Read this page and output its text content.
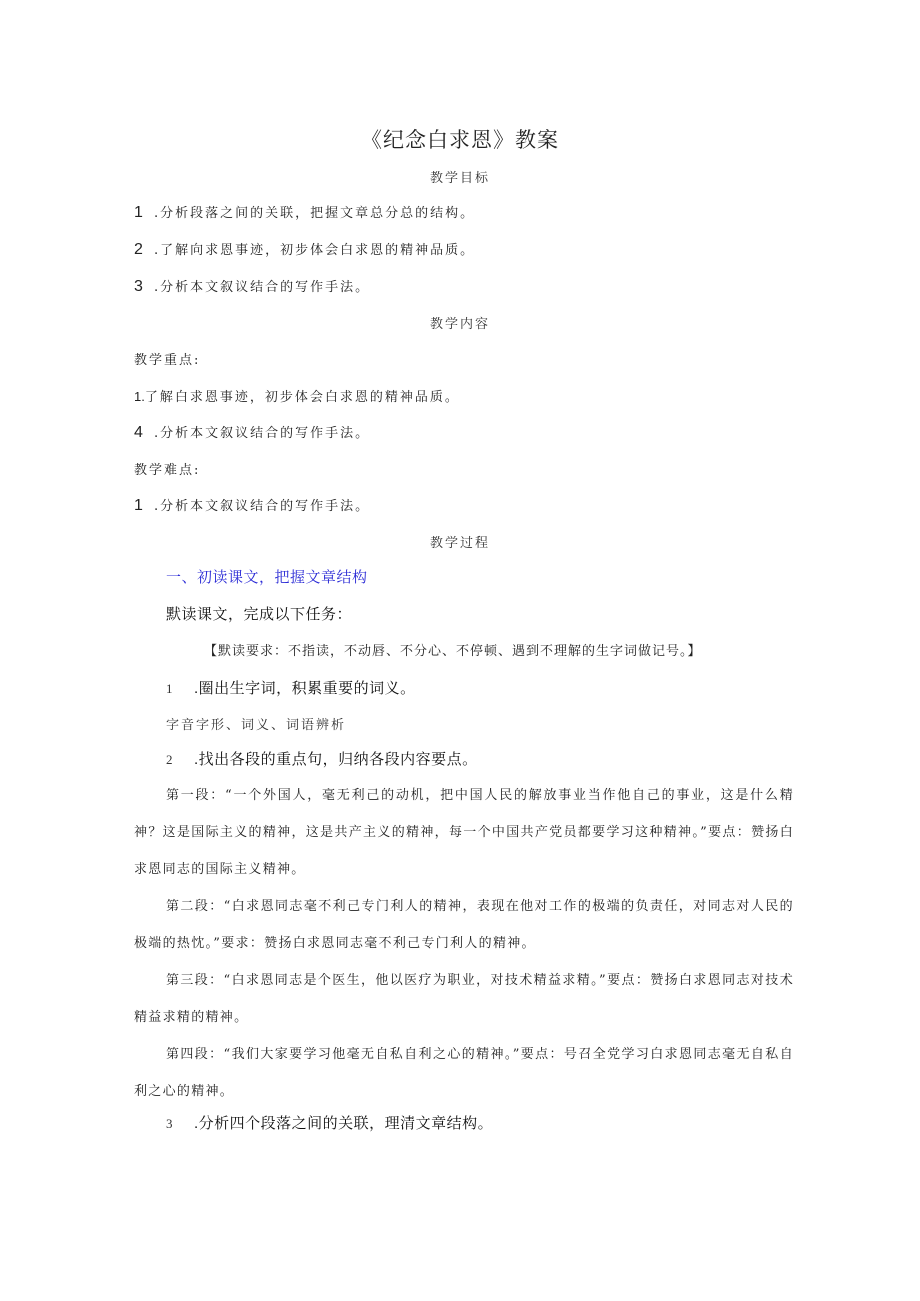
《纪念白求恩》教案
教学目标
1 .分析段落之间的关联，把握文章总分总的结构。
2 .了解向求恩事迹，初步体会白求恩的精神品质。
3 .分析本文叙议结合的写作手法。
教学内容
教学重点:
1.了解白求恩事迹，初步体会白求恩的精神品质。
4 .分析本文叙议结合的写作手法。
教学难点:
1 .分析本文叙议结合的写作手法。
教学过程
一、初读课文，把握文章结构
默读课文，完成以下任务：
【默读要求：不指读，不动唇、不分心、不停顿、遇到不理解的生字词做记号。】
1 .圈出生字词，积累重要的词义。
字音字形、词义、词语辨析
2 .找出各段的重点句，归纳各段内容要点。
第一段：“一个外国人，毫无利己的动机，把中国人民的解放事业当作他自己的事业，这是什么精神？这是国际主义的精神，这是共产主义的精神，每一个中国共产党员都要学习这种精神。”要点：赞扬白求恩同志的国际主义精神。
第二段：“白求恩同志毫不利己专门利人的精神，表现在他对工作的极端的负责任，对同志对人民的极端的热忱。”要求：赞扬白求恩同志毫不利己专门利人的精神。
第三段：“白求恩同志是个医生，他以医疗为职业，对技术精益求精。”要点：赞扬白求恩同志对技术精益求精的精神。
第四段：“我们大家要学习他毫无自私自利之心的精神。”要点：号召全党学习白求恩同志毫无自私自利之心的精神。
3 .分析四个段落之间的关联，理清文章结构。
